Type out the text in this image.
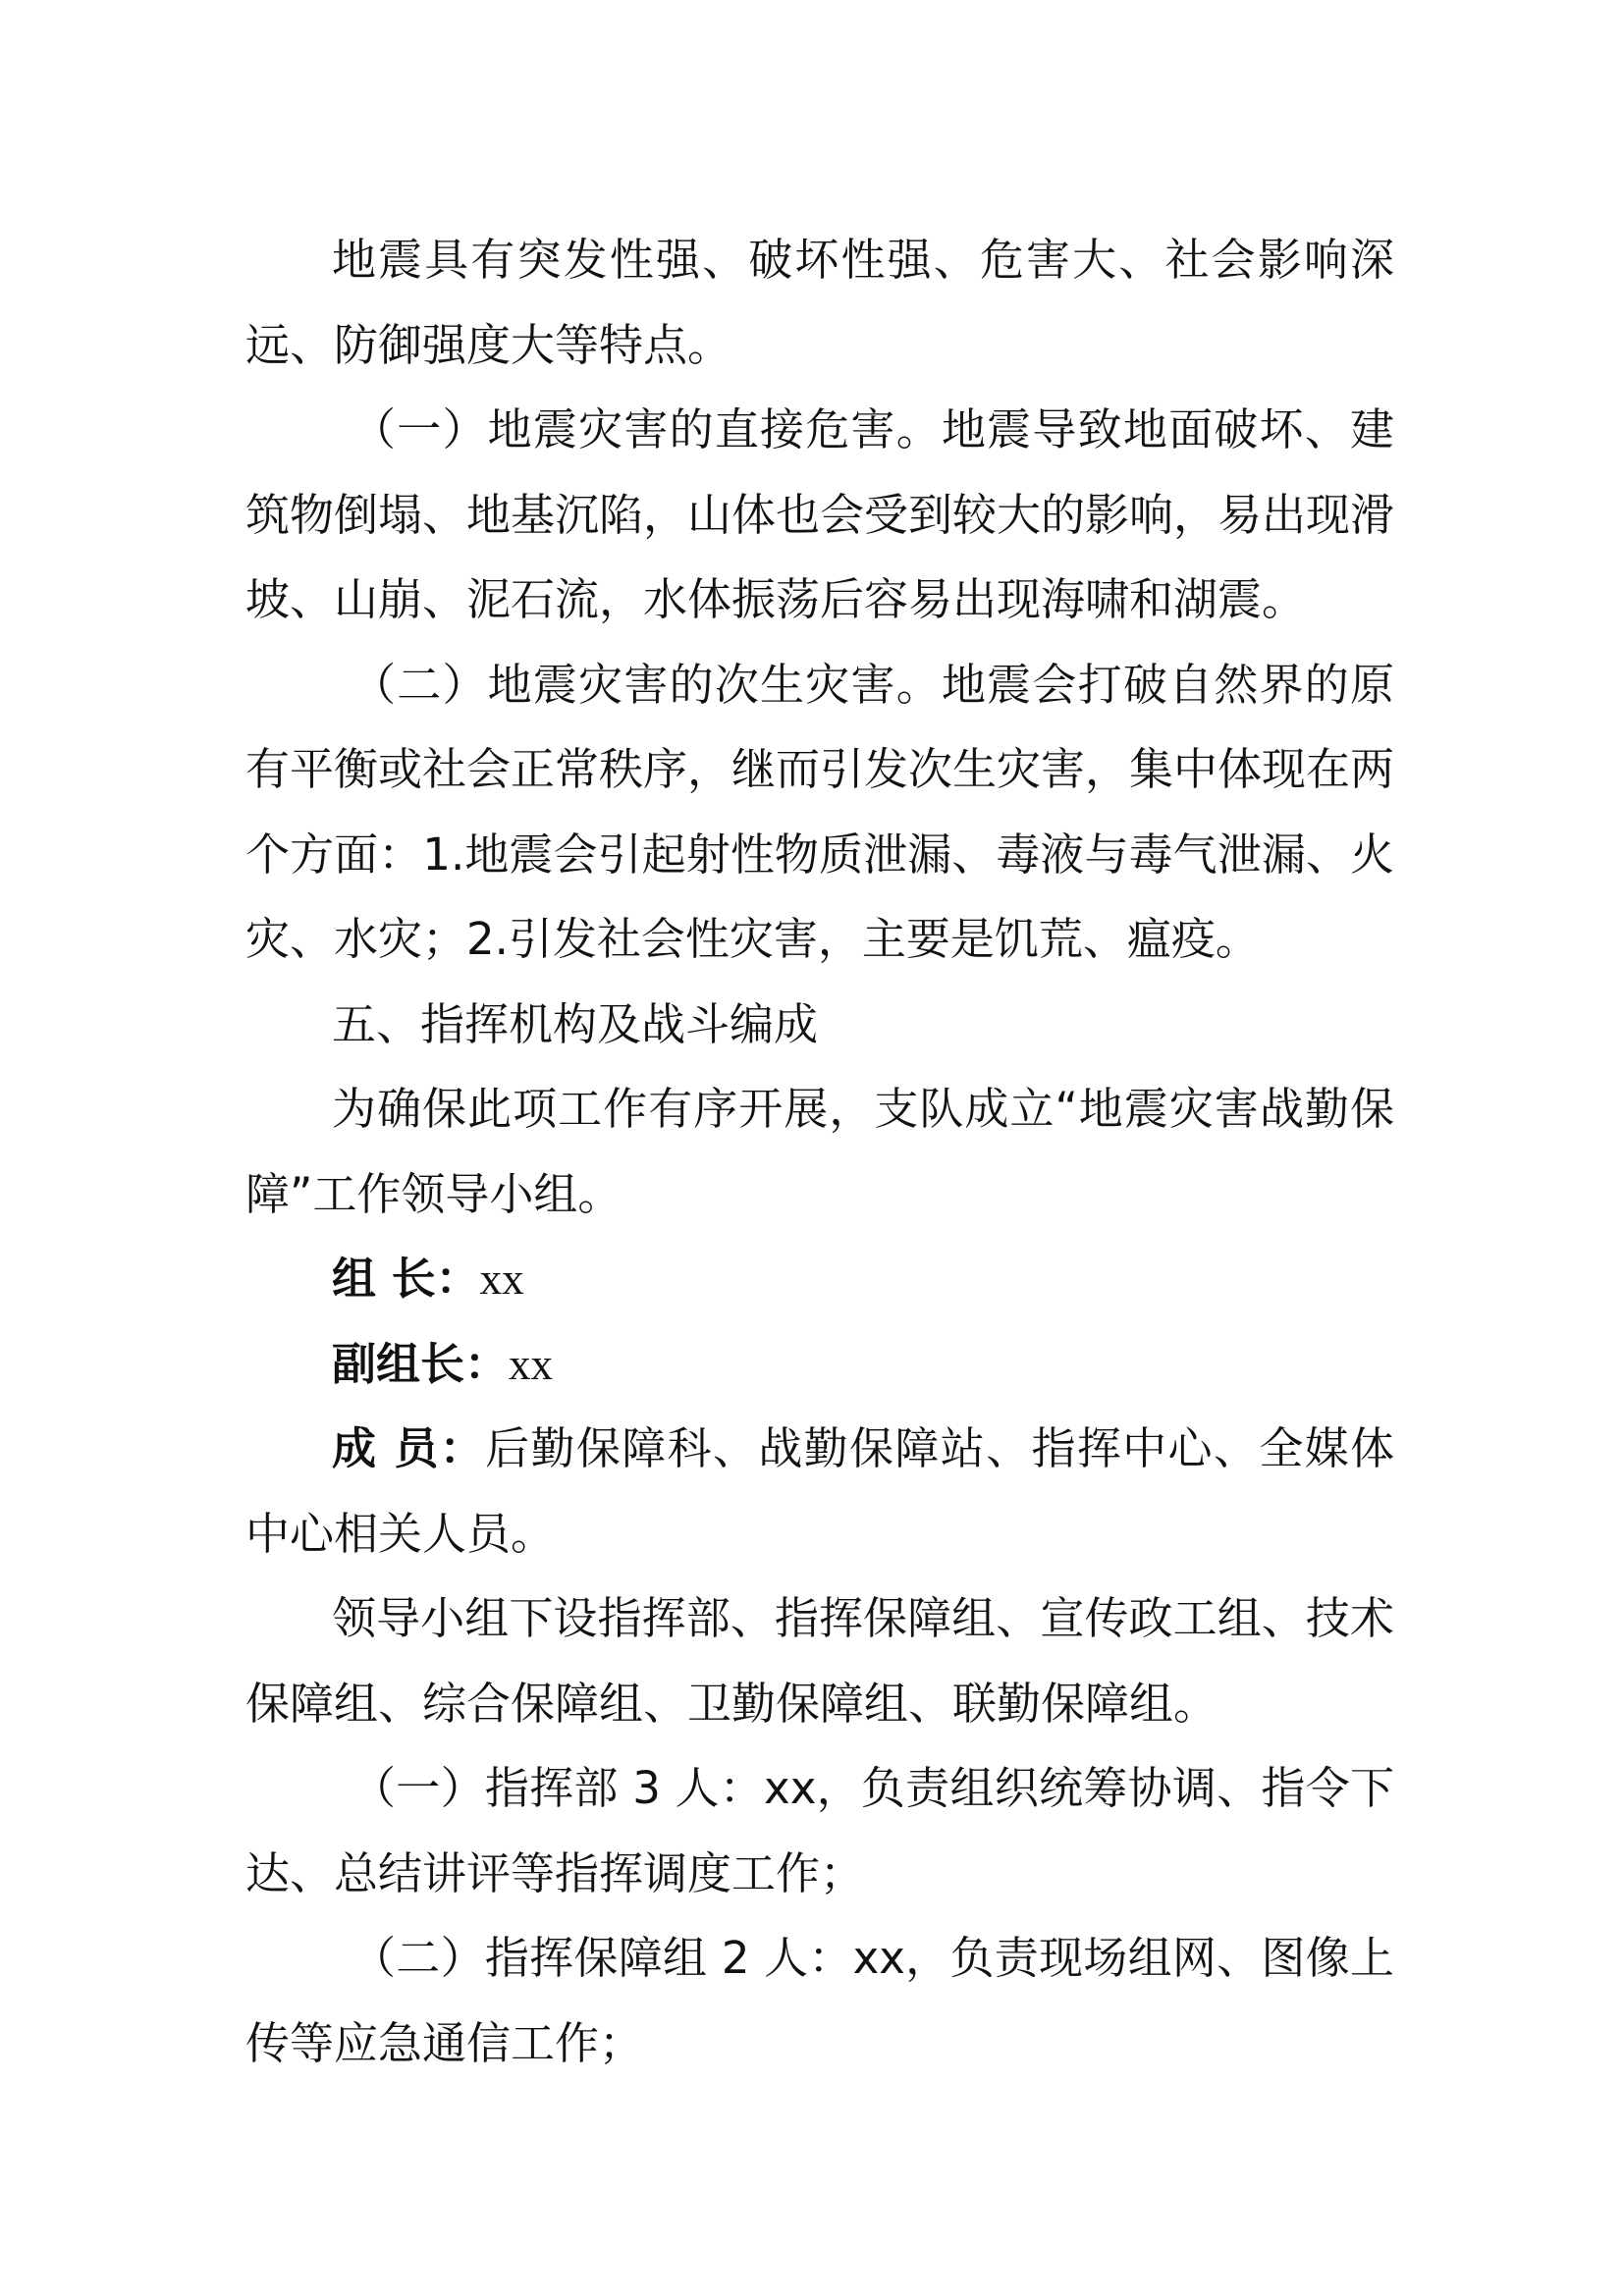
地震具有突发性强、破坏性强、危害大、社会影响深远、防御强度大等特点。

（一）地震灾害的直接危害。地震导致地面破坏、建筑物倒塌、地基沉陷，山体也会受到较大的影响，易出现滑坡、山崩、泥石流，水体振荡后容易出现海啸和湖震。

（二）地震灾害的次生灾害。地震会打破自然界的原有平衡或社会正常秩序，继而引发次生灾害，集中体现在两个方面：1.地震会引起射性物质泄漏、毒液与毒气泄漏、火灾、水灾；2.引发社会性灾害，主要是饥荒、瘟疫。

五、指挥机构及战斗编成

为确保此项工作有序开展，支队成立“地震灾害战勤保障”工作领导小组。

组 长：xx

副组长：xx

成 员：后勤保障科、战勤保障站、指挥中心、全媒体中心相关人员。

领导小组下设指挥部、指挥保障组、宣传政工组、技术保障组、综合保障组、卫勤保障组、联勤保障组。

（一）指挥部 3 人：xx，负责组织统筹协调、指令下达、总结讲评等指挥调度工作；

（二）指挥保障组 2 人：xx，负责现场组网、图像上传等应急通信工作；
